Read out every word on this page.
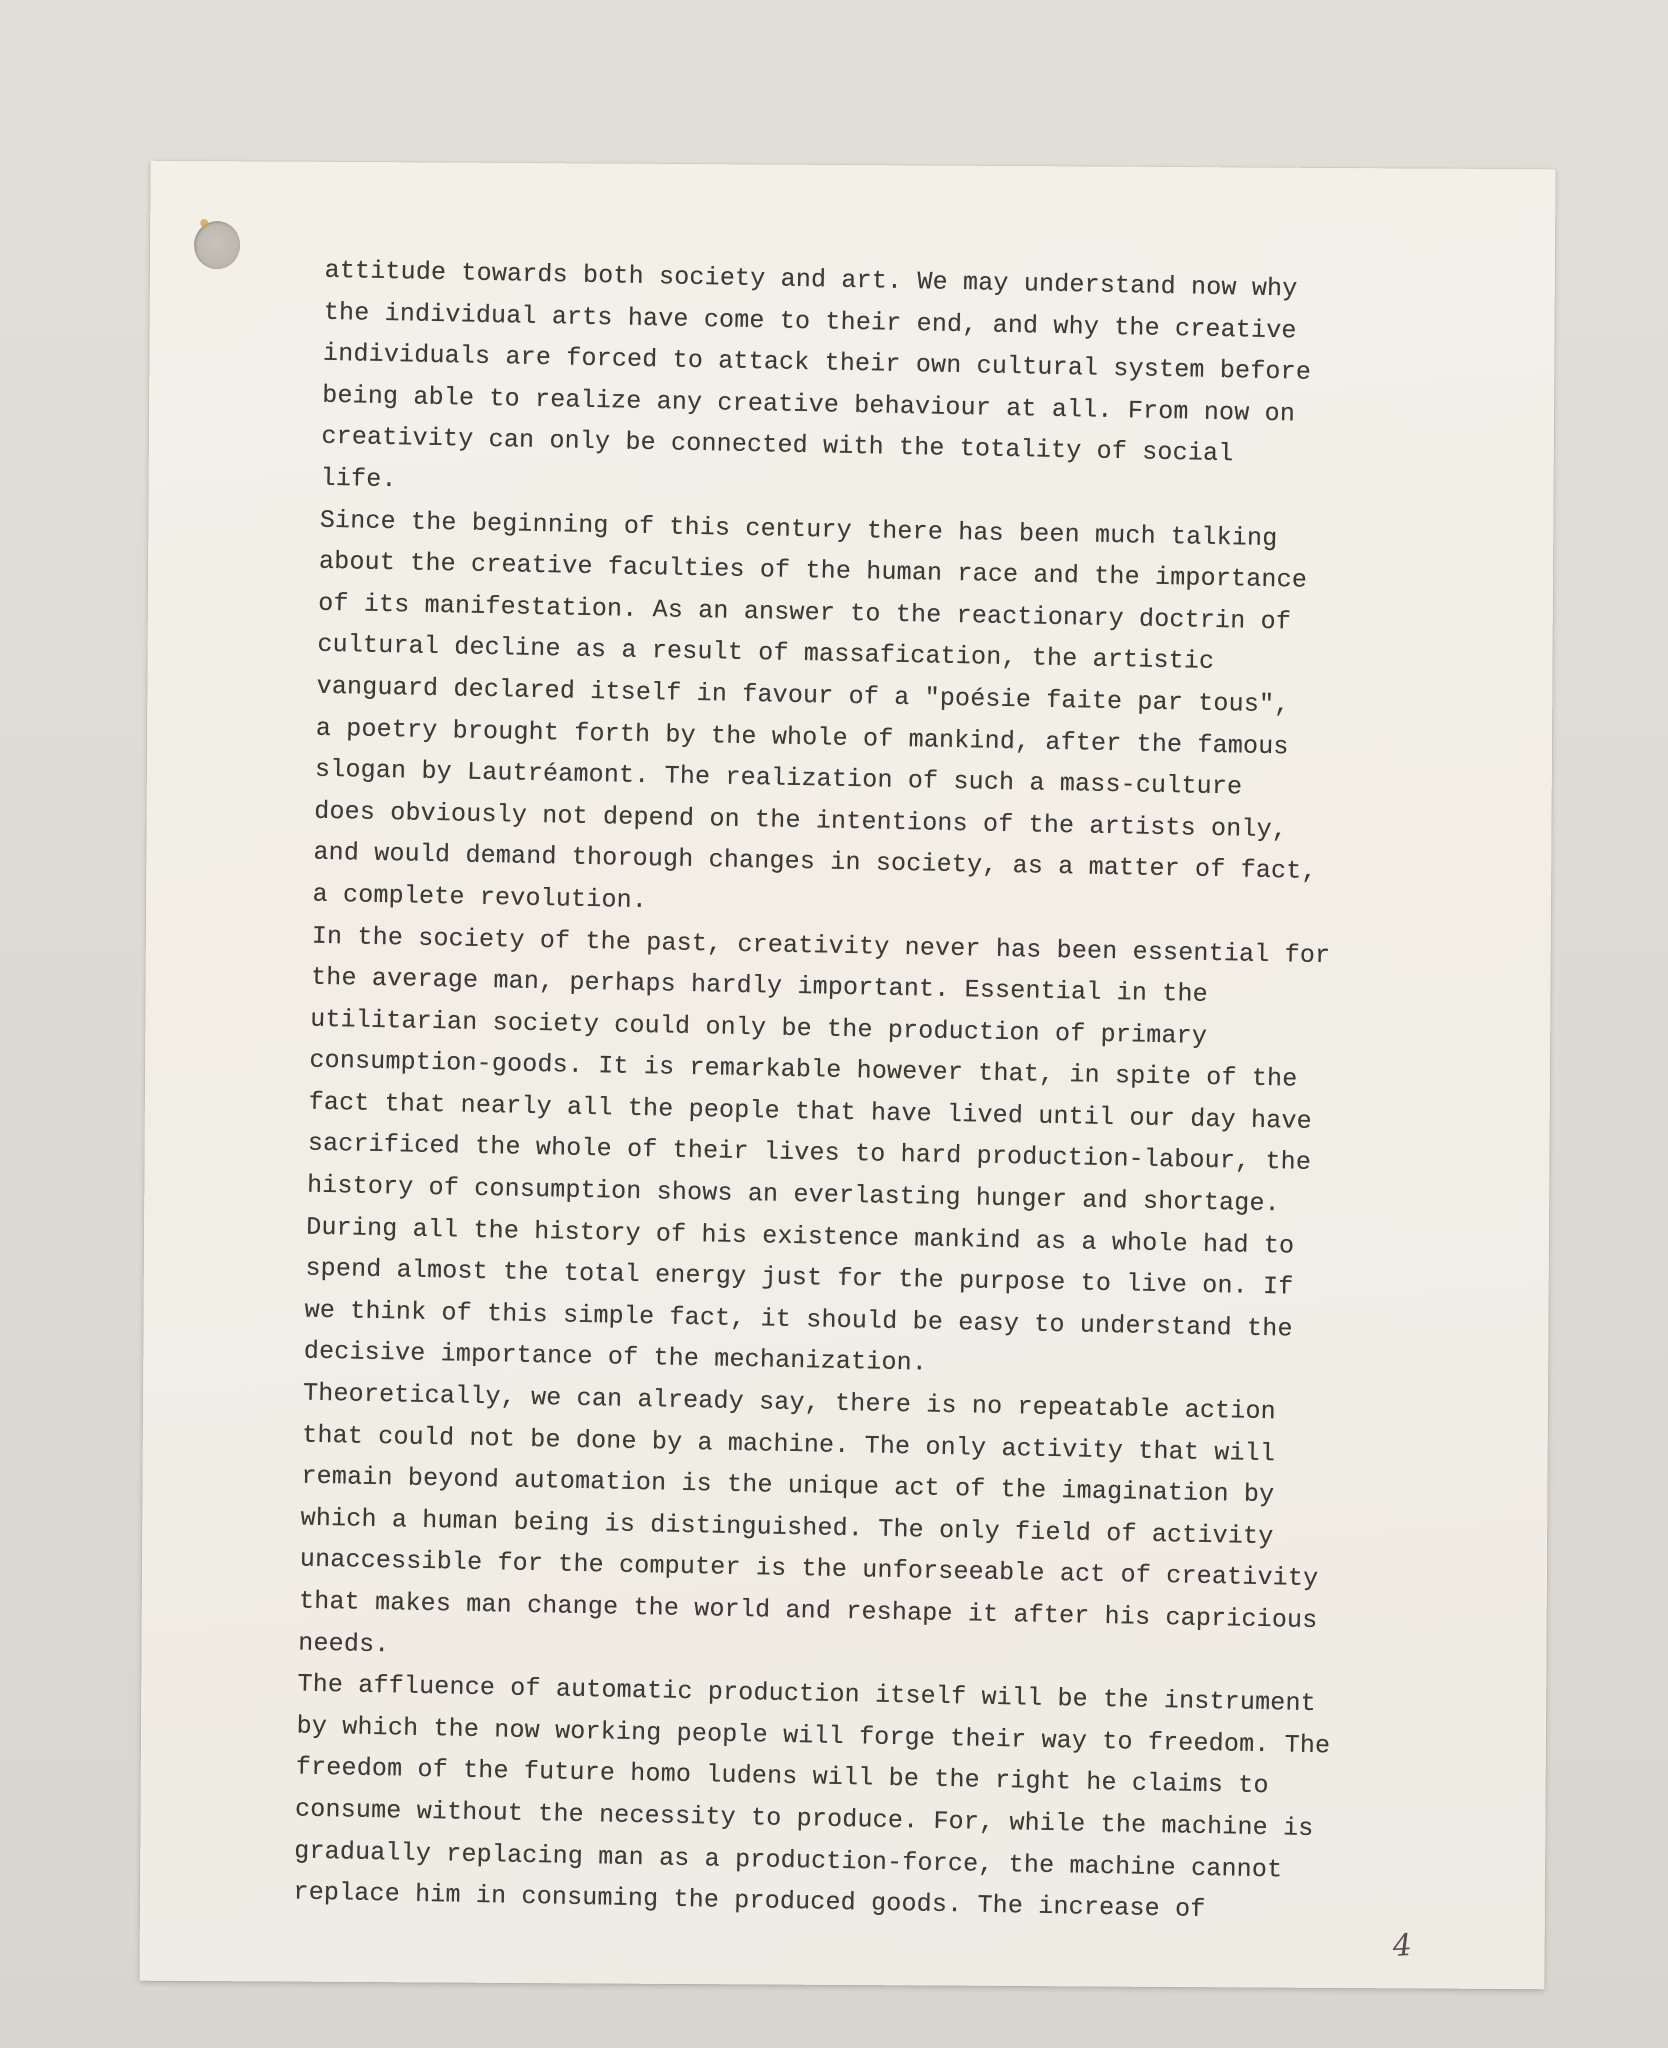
attitude towards both society and art. We may understand now why
the individual arts have come to their end, and why the creative
individuals are forced to attack their own cultural system before
being able to realize any creative behaviour at all. From now on
creativity can only be connected with the totality of social
life.
Since the beginning of this century there has been much talking
about the creative faculties of the human race and the importance
of its manifestation. As an answer to the reactionary doctrin of
cultural decline as a result of massafication, the artistic
vanguard declared itself in favour of a "poésie faite par tous",
a poetry brought forth by the whole of mankind, after the famous
slogan by Lautréamont. The realization of such a mass-culture
does obviously not depend on the intentions of the artists only,
and would demand thorough changes in society, as a matter of fact,
a complete revolution.
In the society of the past, creativity never has been essential for
the average man, perhaps hardly important. Essential in the
utilitarian society could only be the production of primary
consumption-goods. It is remarkable however that, in spite of the
fact that nearly all the people that have lived until our day have
sacrificed the whole of their lives to hard production-labour, the
history of consumption shows an everlasting hunger and shortage.
During all the history of his existence mankind as a whole had to
spend almost the total energy just for the purpose to live on. If
we think of this simple fact, it should be easy to understand the
decisive importance of the mechanization.
Theoretically, we can already say, there is no repeatable action
that could not be done by a machine. The only activity that will
remain beyond automation is the unique act of the imagination by
which a human being is distinguished. The only field of activity
unaccessible for the computer is the unforseeable act of creativity
that makes man change the world and reshape it after his capricious
needs.
The affluence of automatic production itself will be the instrument
by which the now working people will forge their way to freedom. The
freedom of the future homo ludens will be the right he claims to
consume without the necessity to produce. For, while the machine is
gradually replacing man as a production-force, the machine cannot
replace him in consuming the produced goods. The increase of
4
